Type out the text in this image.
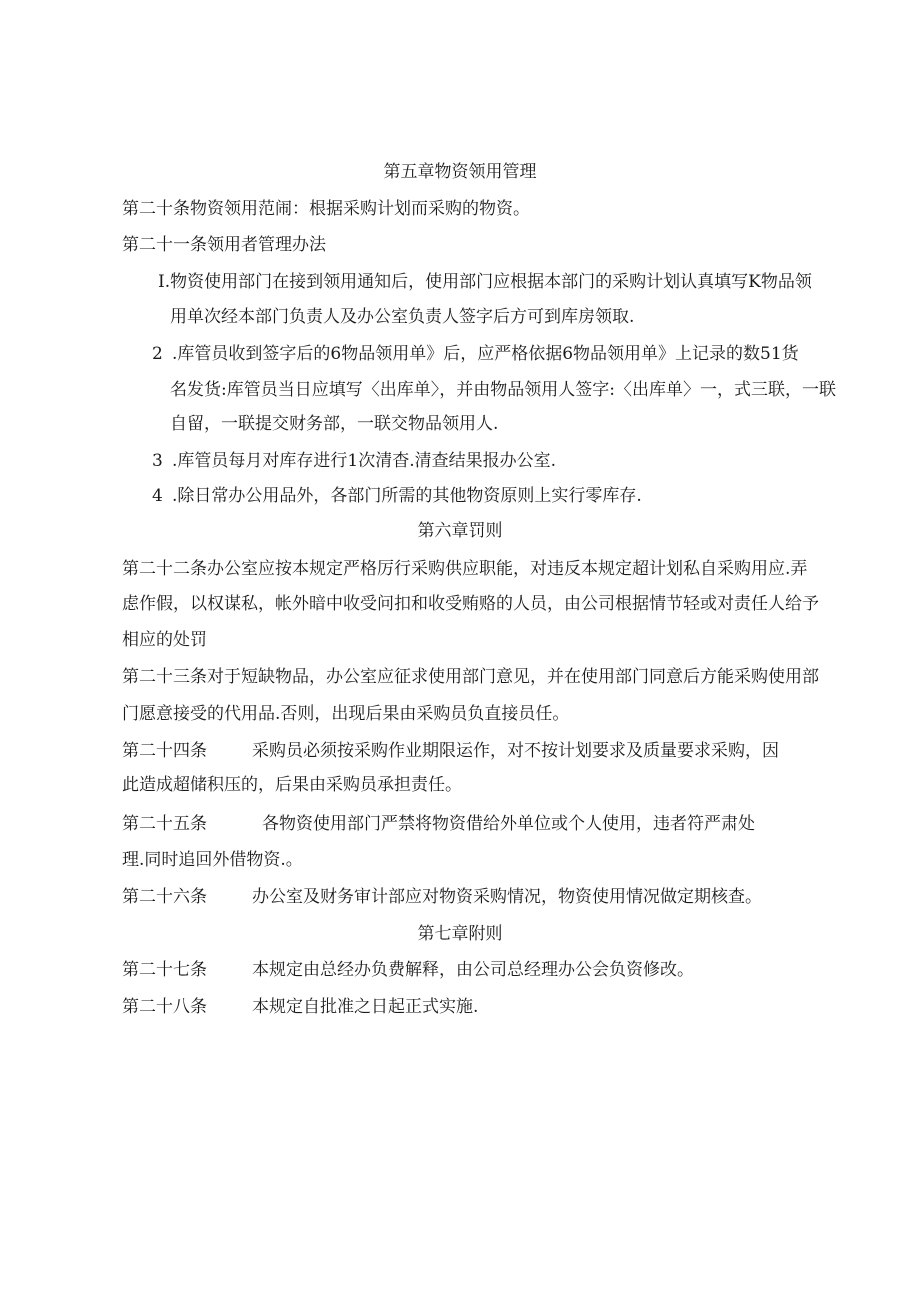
第五章物资领用管理
第二十条物资领用范闹：根据采购计划而采购的物资。
第二十一条领用者管理办法
I.物资使用部门在接到领用通知后，使用部门应根据本部门的采购计划认真填写K物品领
用单次经本部门负责人及办公室负责人签字后方可到库房领取.
2 .库管员收到签字后的6物品领用单》后，应严格依据6物品领用单》上记录的数51货
名发货:库管员当日应填写〈出库单〉，并由物品领用人签字:〈出库单〉一，式三联，一联
自留，一联提交财务部，一联交物品领用人.
3 .库管员每月对库存进行1次清杳.清查结果报办公室.
4 .除日常办公用品外，各部门所需的其他物资原则上实行零库存.
第六章罚则
第二十二条办公室应按本规定严格厉行采购供应职能，对违反本规定超计划私自采购用应.弄
虑作假，以权谋私，帐外暗中收受问扣和收受贿赂的人员，由公司根据情节轻或对责任人给予
相应的处罚
第二十三条对于短缺物品，办公室应征求使用部门意见，并在使用部门同意后方能采购使用部
门愿意接受的代用品.否则，出现后果由采购员负直接员任。
第二十四条	采购员必须按采购作业期限运作，对不按计划要求及质量要求采购，因
此造成超储积压的，后果由采购员承担责任。
第二十五条	各物资使用部门严禁将物资借给外单位或个人使用，违者符严肃处
理.同时追回外借物资.。
第二十六条	办公室及财务审计部应对物资采购情况，物资使用情况做定期核查。
第七章附则
第二十七条	本规定由总经办负费解释，由公司总经理办公会负资修改。
第二十八条	本规定自批准之日起正式实施.
